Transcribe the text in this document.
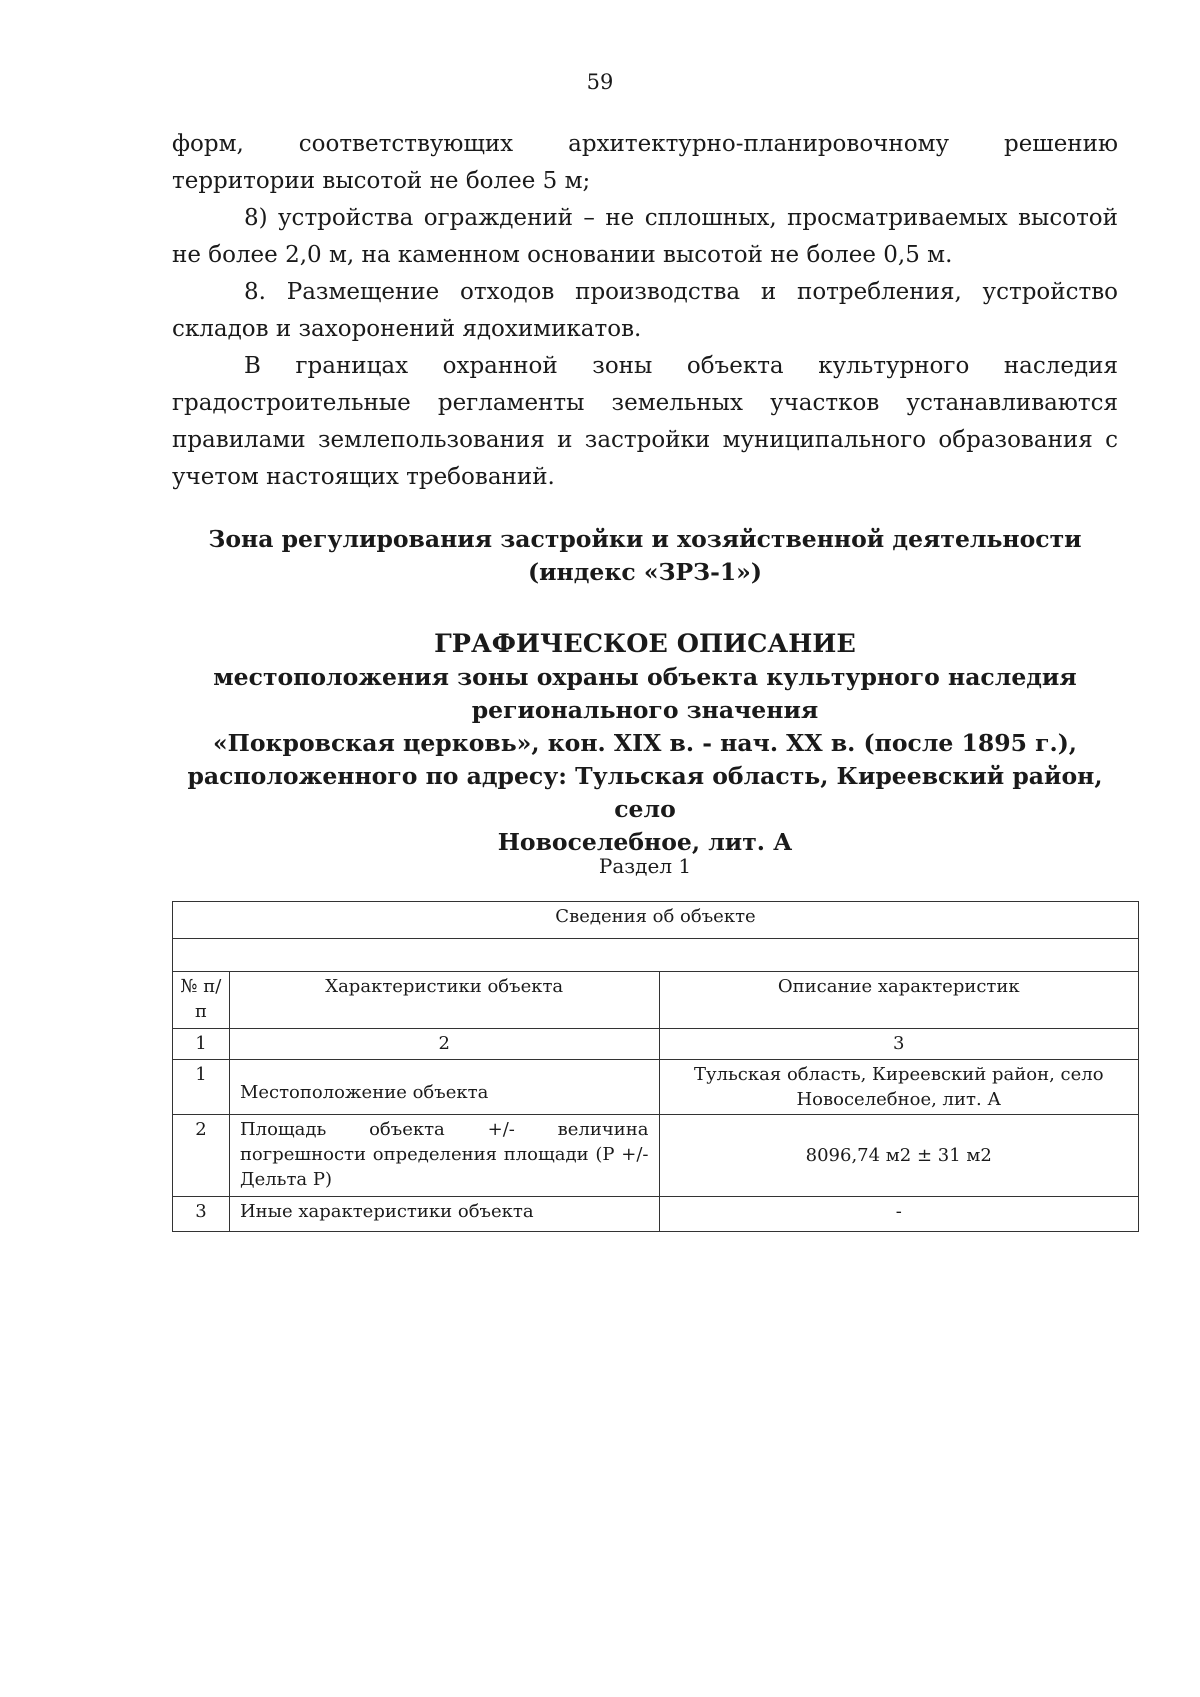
59

форм, соответствующих архитектурно-планировочному решению территории высотой не более 5 м;

8) устройства ограждений – не сплошных, просматриваемых высотой не более 2,0 м, на каменном основании высотой не более 0,5 м.

8. Размещение отходов производства и потребления, устройство складов и захоронений ядохимикатов.

В границах охранной зоны объекта культурного наследия градостроительные регламенты земельных участков устанавливаются правилами землепользования и застройки муниципального образования с учетом настоящих требований.

Зона регулирования застройки и хозяйственной деятельности
(индекс «ЗРЗ-1»)
ГРАФИЧЕСКОЕ ОПИСАНИЕ
местоположения зоны охраны объекта культурного наследия
регионального значения
«Покровская церковь», кон. XIX в. - нач. XX в. (после 1895 г.),
расположенного по адресу: Тульская область, Киреевский район, село
Новоселебное, лит. А
Раздел 1
Сведения об объекте		

№ п/п	Характеристики объекта	Описание характеристик
1	2	3
1	Местоположение объекта	Тульская область, Киреевский район, село Новоселебное, лит. А
2	Площадь объекта +/- величина погрешности определения площади (Р +/- Дельта Р)	8096,74 м2 ± 31 м2
3	Иные характеристики объекта	-
